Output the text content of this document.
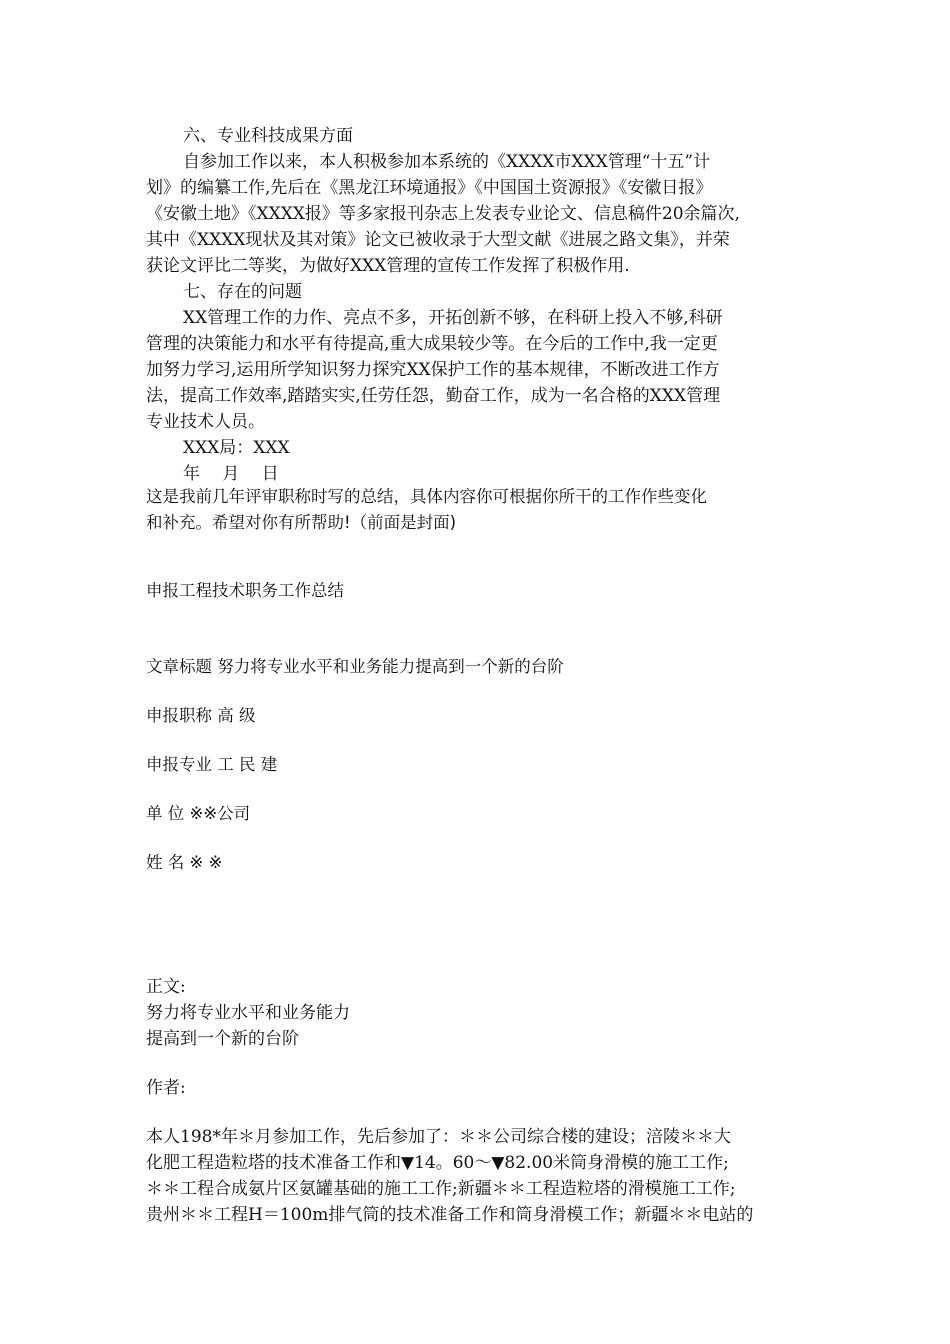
六、专业科技成果方面
自参加工作以来，本人积极参加本系统的《XXXX市XXX管理“十五”计
划》的编纂工作,先后在《黑龙江环境通报》《中国国土资源报》《安徽日报》
《安徽土地》《XXXX报》等多家报刊杂志上发表专业论文、信息稿件20余篇次,
其中《XXXX现状及其对策》论文已被收录于大型文献《进展之路文集》，并荣
获论文评比二等奖，为做好XXX管理的宣传工作发挥了积极作用.
七、存在的问题
XX管理工作的力作、亮点不多，开拓创新不够，在科研上投入不够,科研
管理的决策能力和水平有待提高,重大成果较少等。在今后的工作中,我一定更
加努力学习,运用所学知识努力探究XX保护工作的基本规律，不断改进工作方
法，提高工作效率,踏踏实实,任劳任怨，勤奋工作，成为一名合格的XXX管理
专业技术人员。
XXX局：XXX
年　 月　 日
这是我前几年评审职称时写的总结，具体内容你可根据你所干的工作作些变化
和补充。希望对你有所帮助!（前面是封面)
申报工程技术职务工作总结
文章标题 努力将专业水平和业务能力提高到一个新的台阶
申报职称 高 级
申报专业 工 民 建
单 位 ※※公司
姓 名 ※ ※
正文:
努力将专业水平和业务能力
提高到一个新的台阶
作者:
本人198*年＊月参加工作，先后参加了：＊＊公司综合楼的建设；涪陵＊＊大
化肥工程造粒塔的技术准备工作和▼14。60～▼82.00米筒身滑模的施工工作;
＊＊工程合成氨片区氨罐基础的施工工作;新疆＊＊工程造粒塔的滑模施工工作;
贵州＊＊工程H＝100m排气筒的技术准备工作和筒身滑模工作；新疆＊＊电站的
